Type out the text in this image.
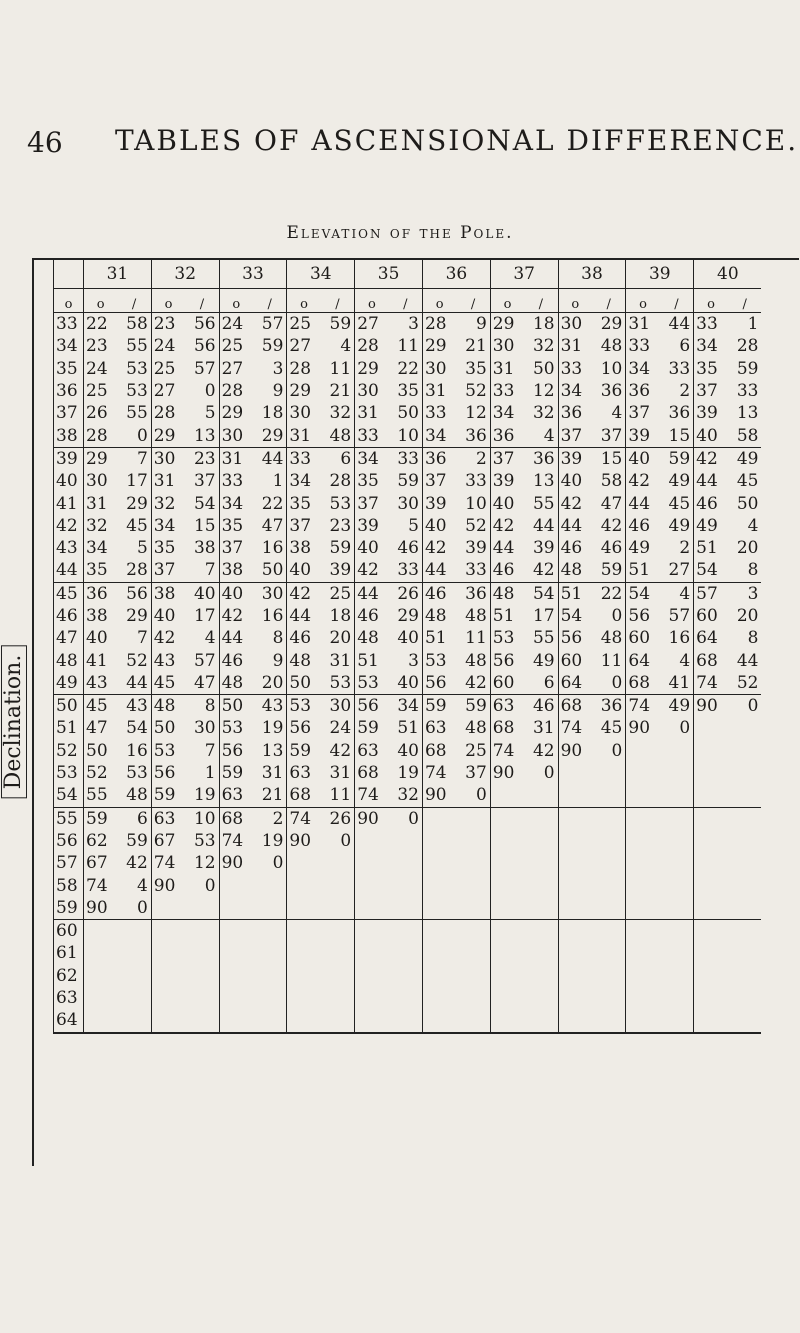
46 TABLES OF ASCENSIONAL DIFFERENCE.
Elevation of the Pole.
Declination.
	31	32	33	34	35	36	37	38	39	40
o	o /	o /	o /	o /	o /	o /	o /	o /	o /	o /
33	22 58	23 56	24 57	25 59	27 3	28 9	29 18	30 29	31 44	33 1

34	23 55	24 56	25 59	27 4	28 11	29 21	30 32	31 48	33 6	34 28

35	24 53	25 57	27 3	28 11	29 22	30 35	31 50	33 10	34 33	35 59

36	25 53	27 0	28 9	29 21	30 35	31 52	33 12	34 36	36 2	37 33

37	26 55	28 5	29 18	30 32	31 50	33 12	34 32	36 4	37 36	39 13

38	28 0	29 13	30 29	31 48	33 10	34 36	36 4	37 37	39 15	40 58

39	29 7	30 23	31 44	33 6	34 33	36 2	37 36	39 15	40 59	42 49

40	30 17	31 37	33 1	34 28	35 59	37 33	39 13	40 58	42 49	44 45

41	31 29	32 54	34 22	35 53	37 30	39 10	40 55	42 47	44 45	46 50

42	32 45	34 15	35 47	37 23	39 5	40 52	42 44	44 42	46 49	49 4

43	34 5	35 38	37 16	38 59	40 46	42 39	44 39	46 46	49 2	51 20

44	35 28	37 7	38 50	40 39	42 33	44 33	46 42	48 59	51 27	54 8

45	36 56	38 40	40 30	42 25	44 26	46 36	48 54	51 22	54 4	57 3

46	38 29	40 17	42 16	44 18	46 29	48 48	51 17	54 0	56 57	60 20

47	40 7	42 4	44 8	46 20	48 40	51 11	53 55	56 48	60 16	64 8

48	41 52	43 57	46 9	48 31	51 3	53 48	56 49	60 11	64 4	68 44

49	43 44	45 47	48 20	50 53	53 40	56 42	60 6	64 0	68 41	74 52

50	45 43	48 8	50 43	53 30	56 34	59 59	63 46	68 36	74 49	90 0

51	47 54	50 30	53 19	56 24	59 51	63 48	68 31	74 45	90 0	

52	50 16	53 7	56 13	59 42	63 40	68 25	74 42	90 0		

53	52 53	56 1	59 31	63 31	68 19	74 37	90 0			

54	55 48	59 19	63 21	68 11	74 32	90 0				

55	59 6	63 10	68 2	74 26	90 0					

56	62 59	67 53	74 19	90 0						

57	67 42	74 12	90 0							

58	74 4	90 0								

59	90 0									

60										
61										
62										
63										
64										
